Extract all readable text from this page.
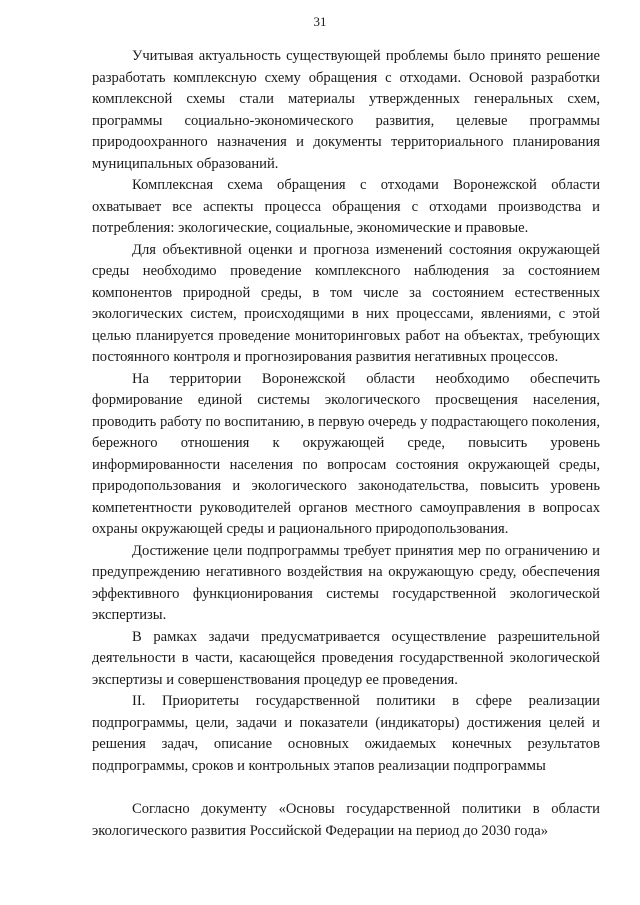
31

Учитывая актуальность существующей проблемы было принято решение разработать комплексную схему обращения с отходами. Основой разработки комплексной схемы стали материалы утвержденных генеральных схем, программы социально-экономического развития, целевые программы природоохранного назначения и документы территориального планирования муниципальных образований.

Комплексная схема обращения с отходами Воронежской области охватывает все аспекты процесса обращения с отходами производства и потребления: экологические, социальные, экономические и правовые.

Для объективной оценки и прогноза изменений состояния окружающей среды необходимо проведение комплексного наблюдения за состоянием компонентов природной среды, в том числе за состоянием естественных экологических систем, происходящими в них процессами, явлениями, с этой целью планируется проведение мониторинговых работ на объектах, требующих постоянного контроля и прогнозирования развития негативных процессов.

На территории Воронежской области необходимо обеспечить формирование единой системы экологического просвещения населения, проводить работу по воспитанию, в первую очередь у подрастающего поколения, бережного отношения к окружающей среде, повысить уровень информированности населения по вопросам состояния окружающей среды, природопользования и экологического законодательства, повысить уровень компетентности руководителей органов местного самоуправления в вопросах охраны окружающей среды и рационального природопользования.

Достижение цели подпрограммы требует принятия мер по ограничению и предупреждению негативного воздействия на окружающую среду, обеспечения эффективного функционирования системы государственной экологической экспертизы.

В рамках задачи предусматривается осуществление разрешительной деятельности в части, касающейся проведения государственной экологической экспертизы и совершенствования процедур ее проведения.

II. Приоритеты государственной политики в сфере реализации подпрограммы, цели, задачи и показатели (индикаторы) достижения целей и решения задач, описание основных ожидаемых конечных результатов подпрограммы, сроков и контрольных этапов реализации подпрограммы

Согласно документу «Основы государственной политики в области экологического развития Российской Федерации на период до 2030 года»
